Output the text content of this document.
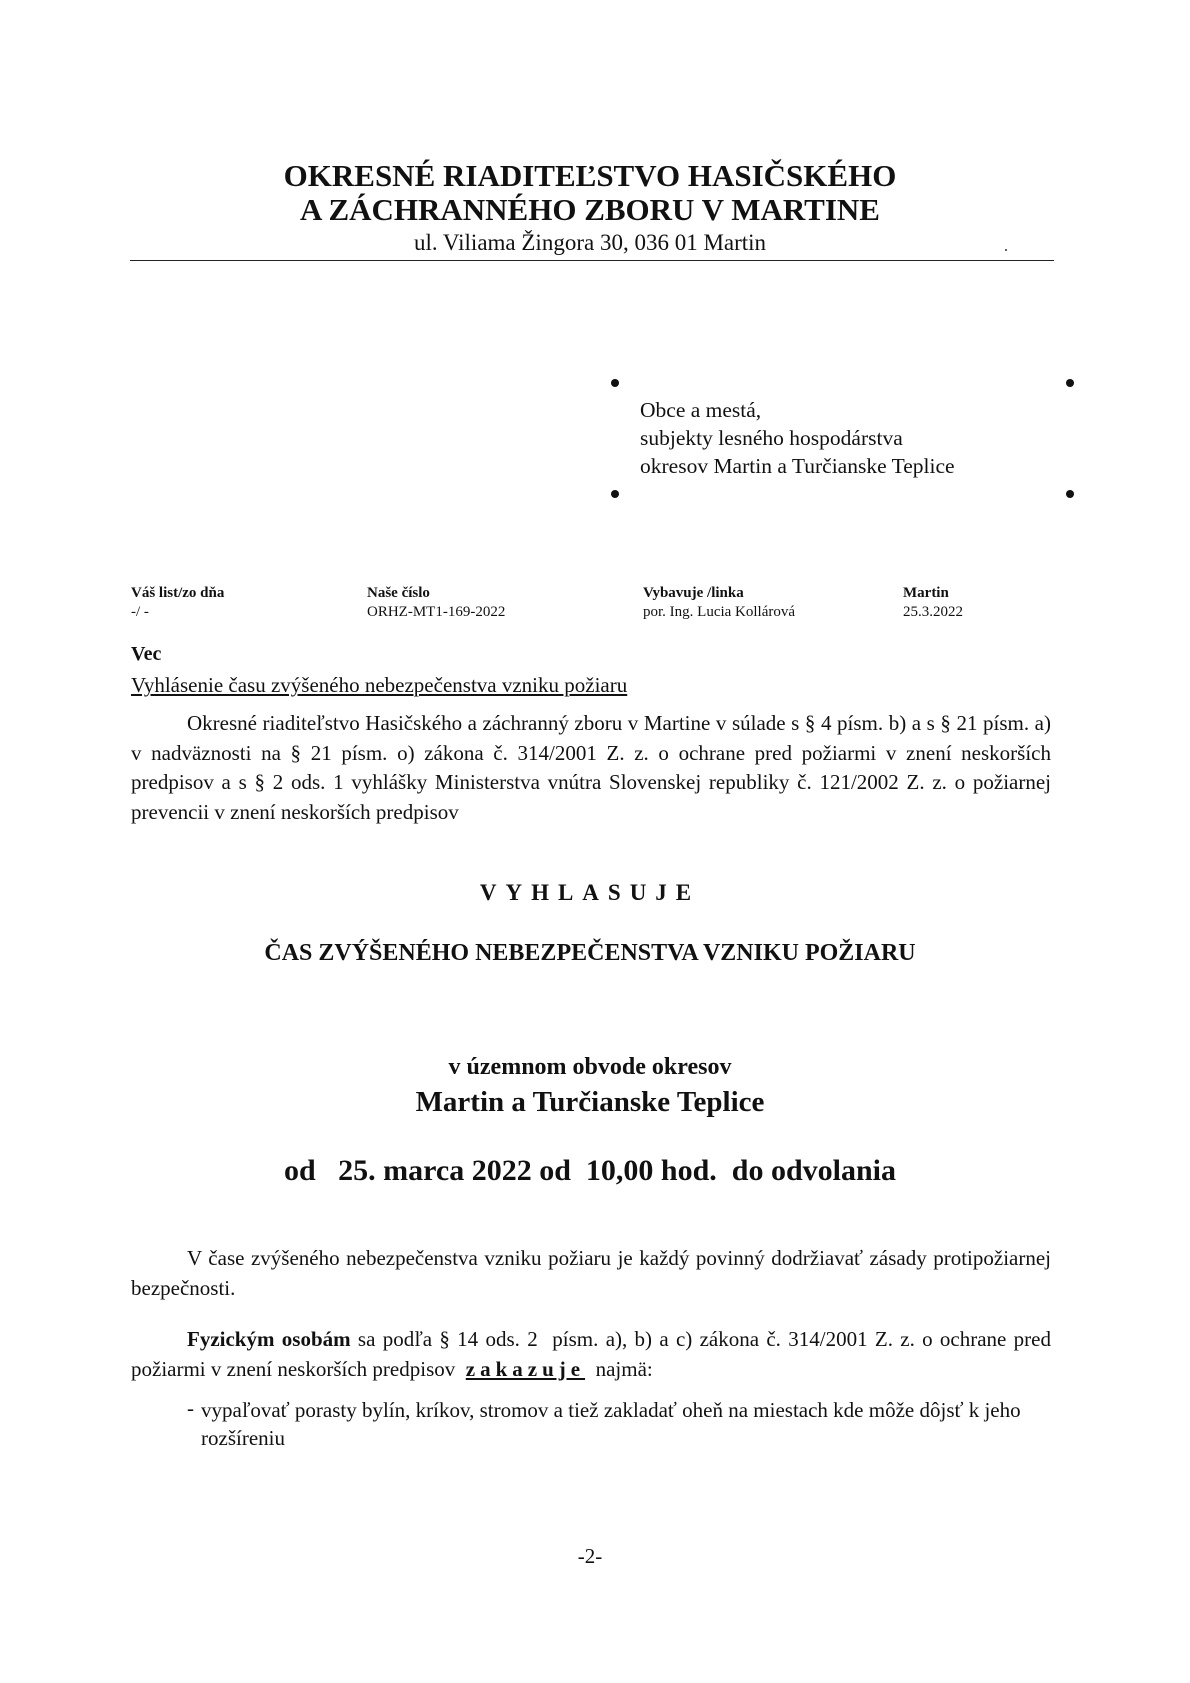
OKRESNÉ RIADITEĽSTVO HASIČSKÉHO
A ZÁCHRANNÉHO ZBORU V MARTINE
ul. Viliama Žingora 30, 036 01 Martin
Obce a mestá,
subjekty lesného hospodárstva
okresov Martin a Turčianske Teplice
Váš list/zo dňa
-/ -
Naše číslo
ORHZ-MT1-169-2022
Vybavuje /linka
por. Ing. Lucia Kollárová
Martin
25.3.2022
Vec
Vyhlásenie času zvýšeného nebezpečenstva vzniku požiaru
Okresné riaditeľstvo Hasičského a záchranný zboru v Martine v súlade s § 4 písm. b) a s § 21 písm. a) v nadväznosti na § 21 písm. o) zákona č. 314/2001 Z. z. o ochrane pred požiarmi v znení neskorších predpisov a s § 2 ods. 1 vyhlášky Ministerstva vnútra Slovenskej republiky č. 121/2002 Z. z. o požiarnej prevencii v znení neskorších predpisov
VYHLASUJE
ČAS ZVÝŠENÉHO NEBEZPEČENSTVA VZNIKU POŽIARU
v územnom obvode okresov
Martin a Turčianske Teplice
od   25. marca 2022 od  10,00 hod.  do odvolania
V čase zvýšeného nebezpečenstva vzniku požiaru je každý povinný dodržiavať zásady protipožiarnej bezpečnosti.
Fyzickým osobám sa podľa § 14 ods. 2  písm. a), b) a c) zákona č. 314/2001 Z. z. o ochrane pred požiarmi v znení neskorších predpisov  zakazuje  najmä:
- vypaľovať porasty bylín, kríkov, stromov a tiež zakladať oheň na miestach kde môže dôjsť k jeho rozšíreniu
-2-
